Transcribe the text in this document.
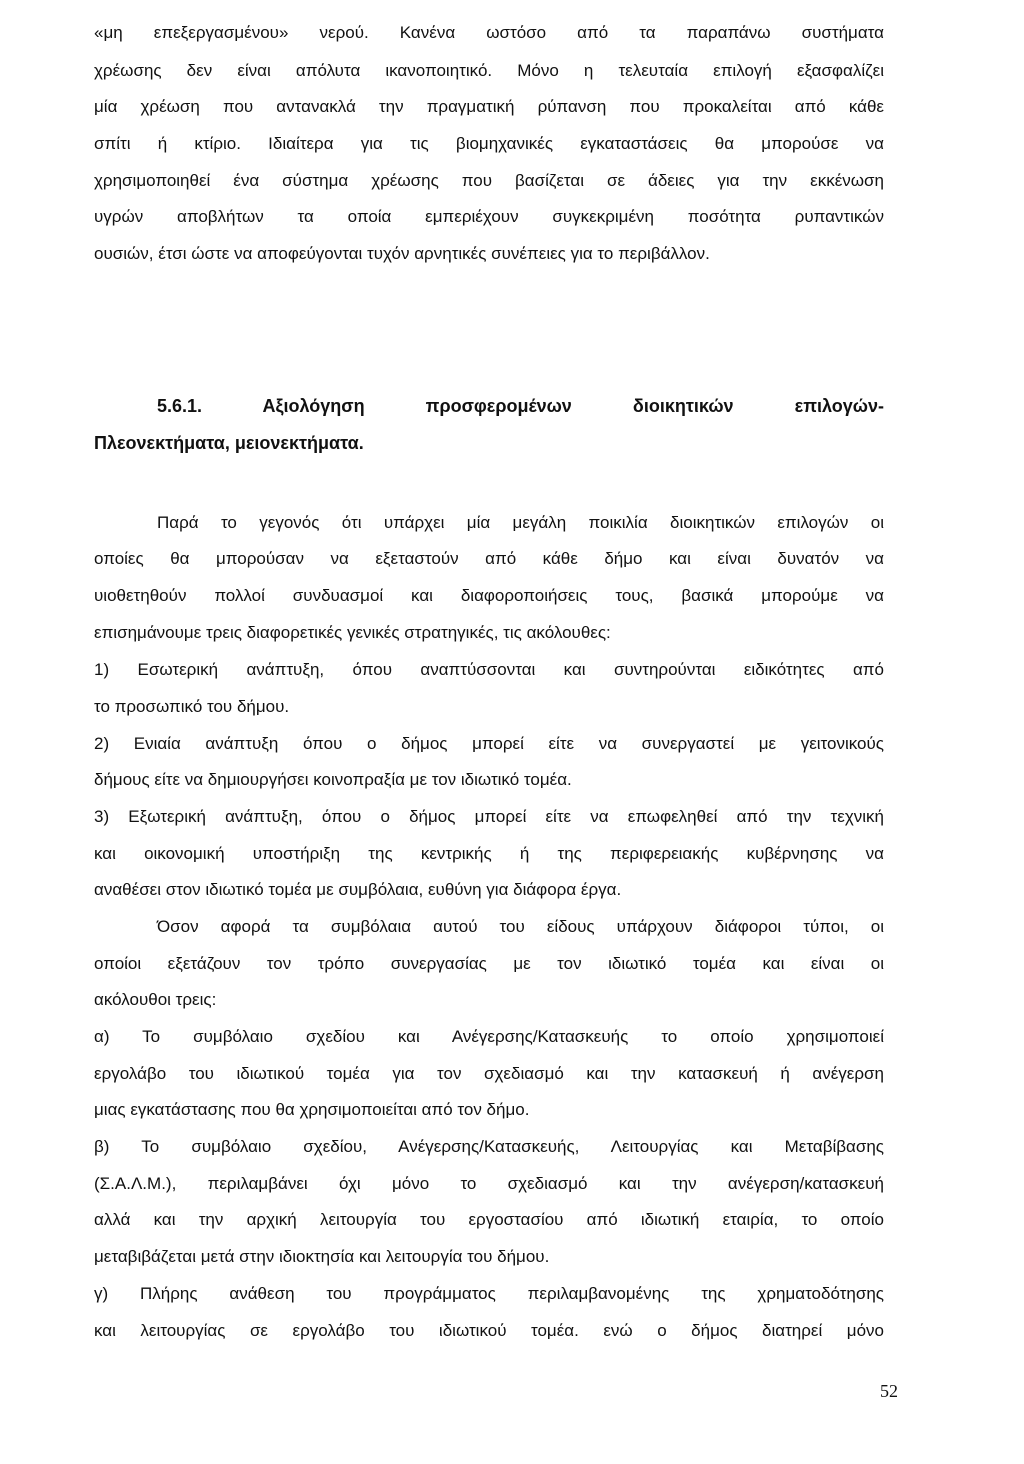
«μη επεξεργασμένου» νερού. Κανένα ωστόσο από τα παραπάνω συστήματα
χρέωσης δεν είναι απόλυτα ικανοποιητικό. Μόνο η τελευταία επιλογή εξασφαλίζει
μία χρέωση που αντανακλά την πραγματική ρύπανση που προκαλείται από κάθε
σπίτι ή κτίριο. Ιδιαίτερα για τις βιομηχανικές εγκαταστάσεις θα μπορούσε να
χρησιμοποιηθεί ένα σύστημα χρέωσης που βασίζεται σε άδειες για την εκκένωση
υγρών αποβλήτων τα οποία εμπεριέχουν συγκεκριμένη ποσότητα ρυπαντικών
ουσιών, έτσι ώστε να αποφεύγονται τυχόν αρνητικές συνέπειες για το περιβάλλον.
5.6.1. Αξιολόγηση προσφερομένων διοικητικών επιλογών-
Πλεονεκτήματα, μειονεκτήματα.
Παρά το γεγονός ότι υπάρχει μία μεγάλη ποικιλία διοικητικών επιλογών οι
οποίες θα μπορούσαν να εξεταστούν από κάθε δήμο και είναι δυνατόν να
υιοθετηθούν πολλοί συνδυασμοί και διαφοροποιήσεις τους, βασικά μπορούμε να
επισημάνουμε τρεις διαφορετικές γενικές στρατηγικές, τις ακόλουθες:
1) Εσωτερική ανάπτυξη, όπου αναπτύσσονται και συντηρούνται ειδικότητες από
το προσωπικό του δήμου.
2) Ενιαία ανάπτυξη όπου ο δήμος μπορεί είτε να συνεργαστεί με γειτονικούς
δήμους είτε να δημιουργήσει κοινοπραξία με τον ιδιωτικό τομέα.
3) Εξωτερική ανάπτυξη, όπου ο δήμος μπορεί είτε να επωφεληθεί από την τεχνική
και οικονομική υποστήριξη της κεντρικής ή της περιφερειακής κυβέρνησης να
αναθέσει στον ιδιωτικό τομέα με συμβόλαια, ευθύνη για διάφορα έργα.
Όσον αφορά τα συμβόλαια αυτού του είδους υπάρχουν διάφοροι τύποι, οι
οποίοι εξετάζουν τον τρόπο συνεργασίας με τον ιδιωτικό τομέα και είναι οι
ακόλουθοι τρεις:
α) Το συμβόλαιο σχεδίου και Ανέγερσης/Κατασκευής το οποίο χρησιμοποιεί
εργολάβο του ιδιωτικού τομέα για τον σχεδιασμό και την κατασκευή ή ανέγερση
μιας εγκατάστασης που θα χρησιμοποιείται από τον δήμο.
β) Το συμβόλαιο σχεδίου, Ανέγερσης/Κατασκευής, Λειτουργίας και Μεταβίβασης
(Σ.Α.Λ.Μ.), περιλαμβάνει όχι μόνο το σχεδιασμό και την ανέγερση/κατασκευή
αλλά και την αρχική λειτουργία του εργοστασίου από ιδιωτική εταιρία, το οποίο
μεταβιβάζεται μετά στην ιδιοκτησία και λειτουργία του δήμου.
γ) Πλήρης ανάθεση του προγράμματος περιλαμβανομένης της χρηματοδότησης
και λειτουργίας σε εργολάβο του ιδιωτικού τομέα. ενώ ο δήμος διατηρεί μόνο
52
